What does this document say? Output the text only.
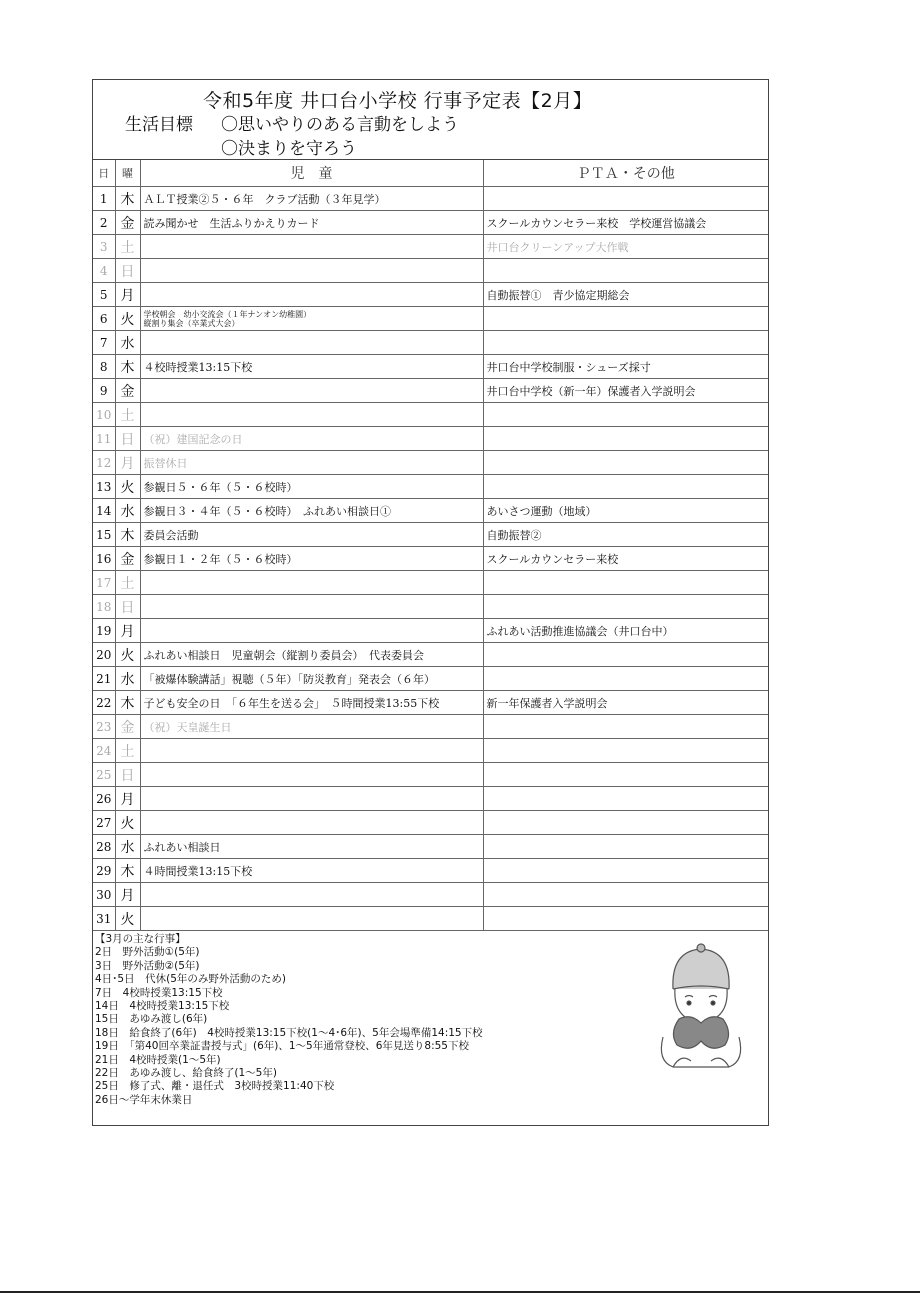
令和5年度 井口台小学校 行事予定表【2月】
生活目標 〇思いやりのある言動をしよう
〇決まりを守ろう
日	曜	児　童	ＰＴＡ・その他
1	木	ＡＬＴ授業②５・６年　クラブ活動（３年見学）	
2	金	読み聞かせ　生活ふりかえりカード	スクールカウンセラー来校　学校運営協議会
3	土		井口台クリーンアップ大作戦
4	日		
5	月		自動振替①　青少協定期総会
6	火	学校朝会　幼小交流会（１年ナンオン幼稚園）
縦割り集会（卒業式大会）	
7	水		
8	木	４校時授業13:15下校	井口台中学校制服・シューズ採寸
9	金		井口台中学校（新一年）保護者入学説明会
10	土		
11	日	（祝）建国記念の日	
12	月	振替休日	
13	火	参観日５・６年（５・６校時）	
14	水	参観日３・４年（５・６校時）　ふれあい相談日①	あいさつ運動（地域）
15	木	委員会活動	自動振替②
16	金	参観日１・２年（５・６校時）	スクールカウンセラー来校
17	土		
18	日		
19	月		ふれあい活動推進協議会（井口台中）
20	火	ふれあい相談日　児童朝会（縦割り委員会）　代表委員会	
21	水	「被爆体験講話」視聴（５年）「防災教育」発表会（６年）	
22	木	子ども安全の日　「６年生を送る会」　５時間授業13:55下校	新一年保護者入学説明会
23	金	（祝）天皇誕生日	
24	土		
25	日		
26	月		
27	火		
28	水	ふれあい相談日	
29	木	４時間授業13:15下校	
30	月		
31	火		
【3月の主な行事】
2日　野外活動①(5年)
3日　野外活動②(5年)
4日･5日　代休(5年のみ野外活動のため)
7日　4校時授業13:15下校
14日　4校時授業13:15下校
15日　あゆみ渡し(6年)
18日　給食終了(6年)　4校時授業13:15下校(1～4･6年)、5年会場準備14:15下校
19日　「第40回卒業証書授与式」(6年)、1～5年通常登校、6年見送り8:55下校
21日　4校時授業(1～5年)
22日　あゆみ渡し、給食終了(1～5年)
25日　修了式、離・退任式　3校時授業11:40下校
26日～学年末休業日
